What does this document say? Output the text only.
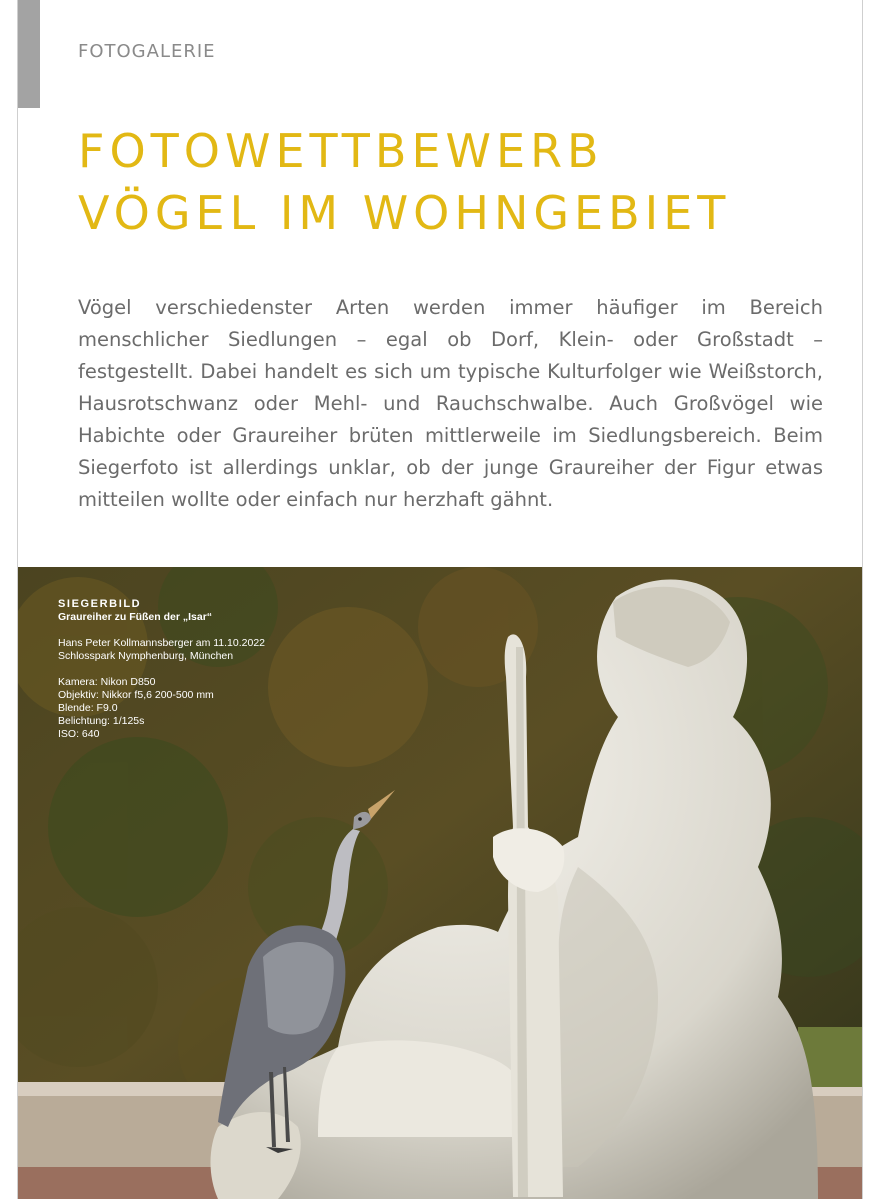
FOTOGALERIE
FOTOWETTBEWERB
VÖGEL IM WOHNGEBIET

Vögel verschiedenster Arten werden immer häufiger im Bereich menschlicher Siedlungen – egal ob Dorf, Klein- oder Großstadt – festgestellt. Dabei handelt es sich um typische Kulturfolger wie Weißstorch, Hausrotschwanz oder Mehl- und Rauchschwalbe. Auch Großvögel wie Habichte oder Graureiher brüten mittlerweile im Siedlungsbereich. Beim Siegerfoto ist allerdings unklar, ob der junge Graureiher der Figur etwas mitteilen wollte oder einfach nur herzhaft gähnt.

SIEGERBILD
Graureiher zu Füßen der „Isar“
Hans Peter Kollmannsberger am 11.10.2022
Schlosspark Nymphenburg, München
Kamera: Nikon D850
Objektiv: Nikkor f5,6 200-500 mm
Blende: F9.0
Belichtung: 1/125s
ISO: 640
